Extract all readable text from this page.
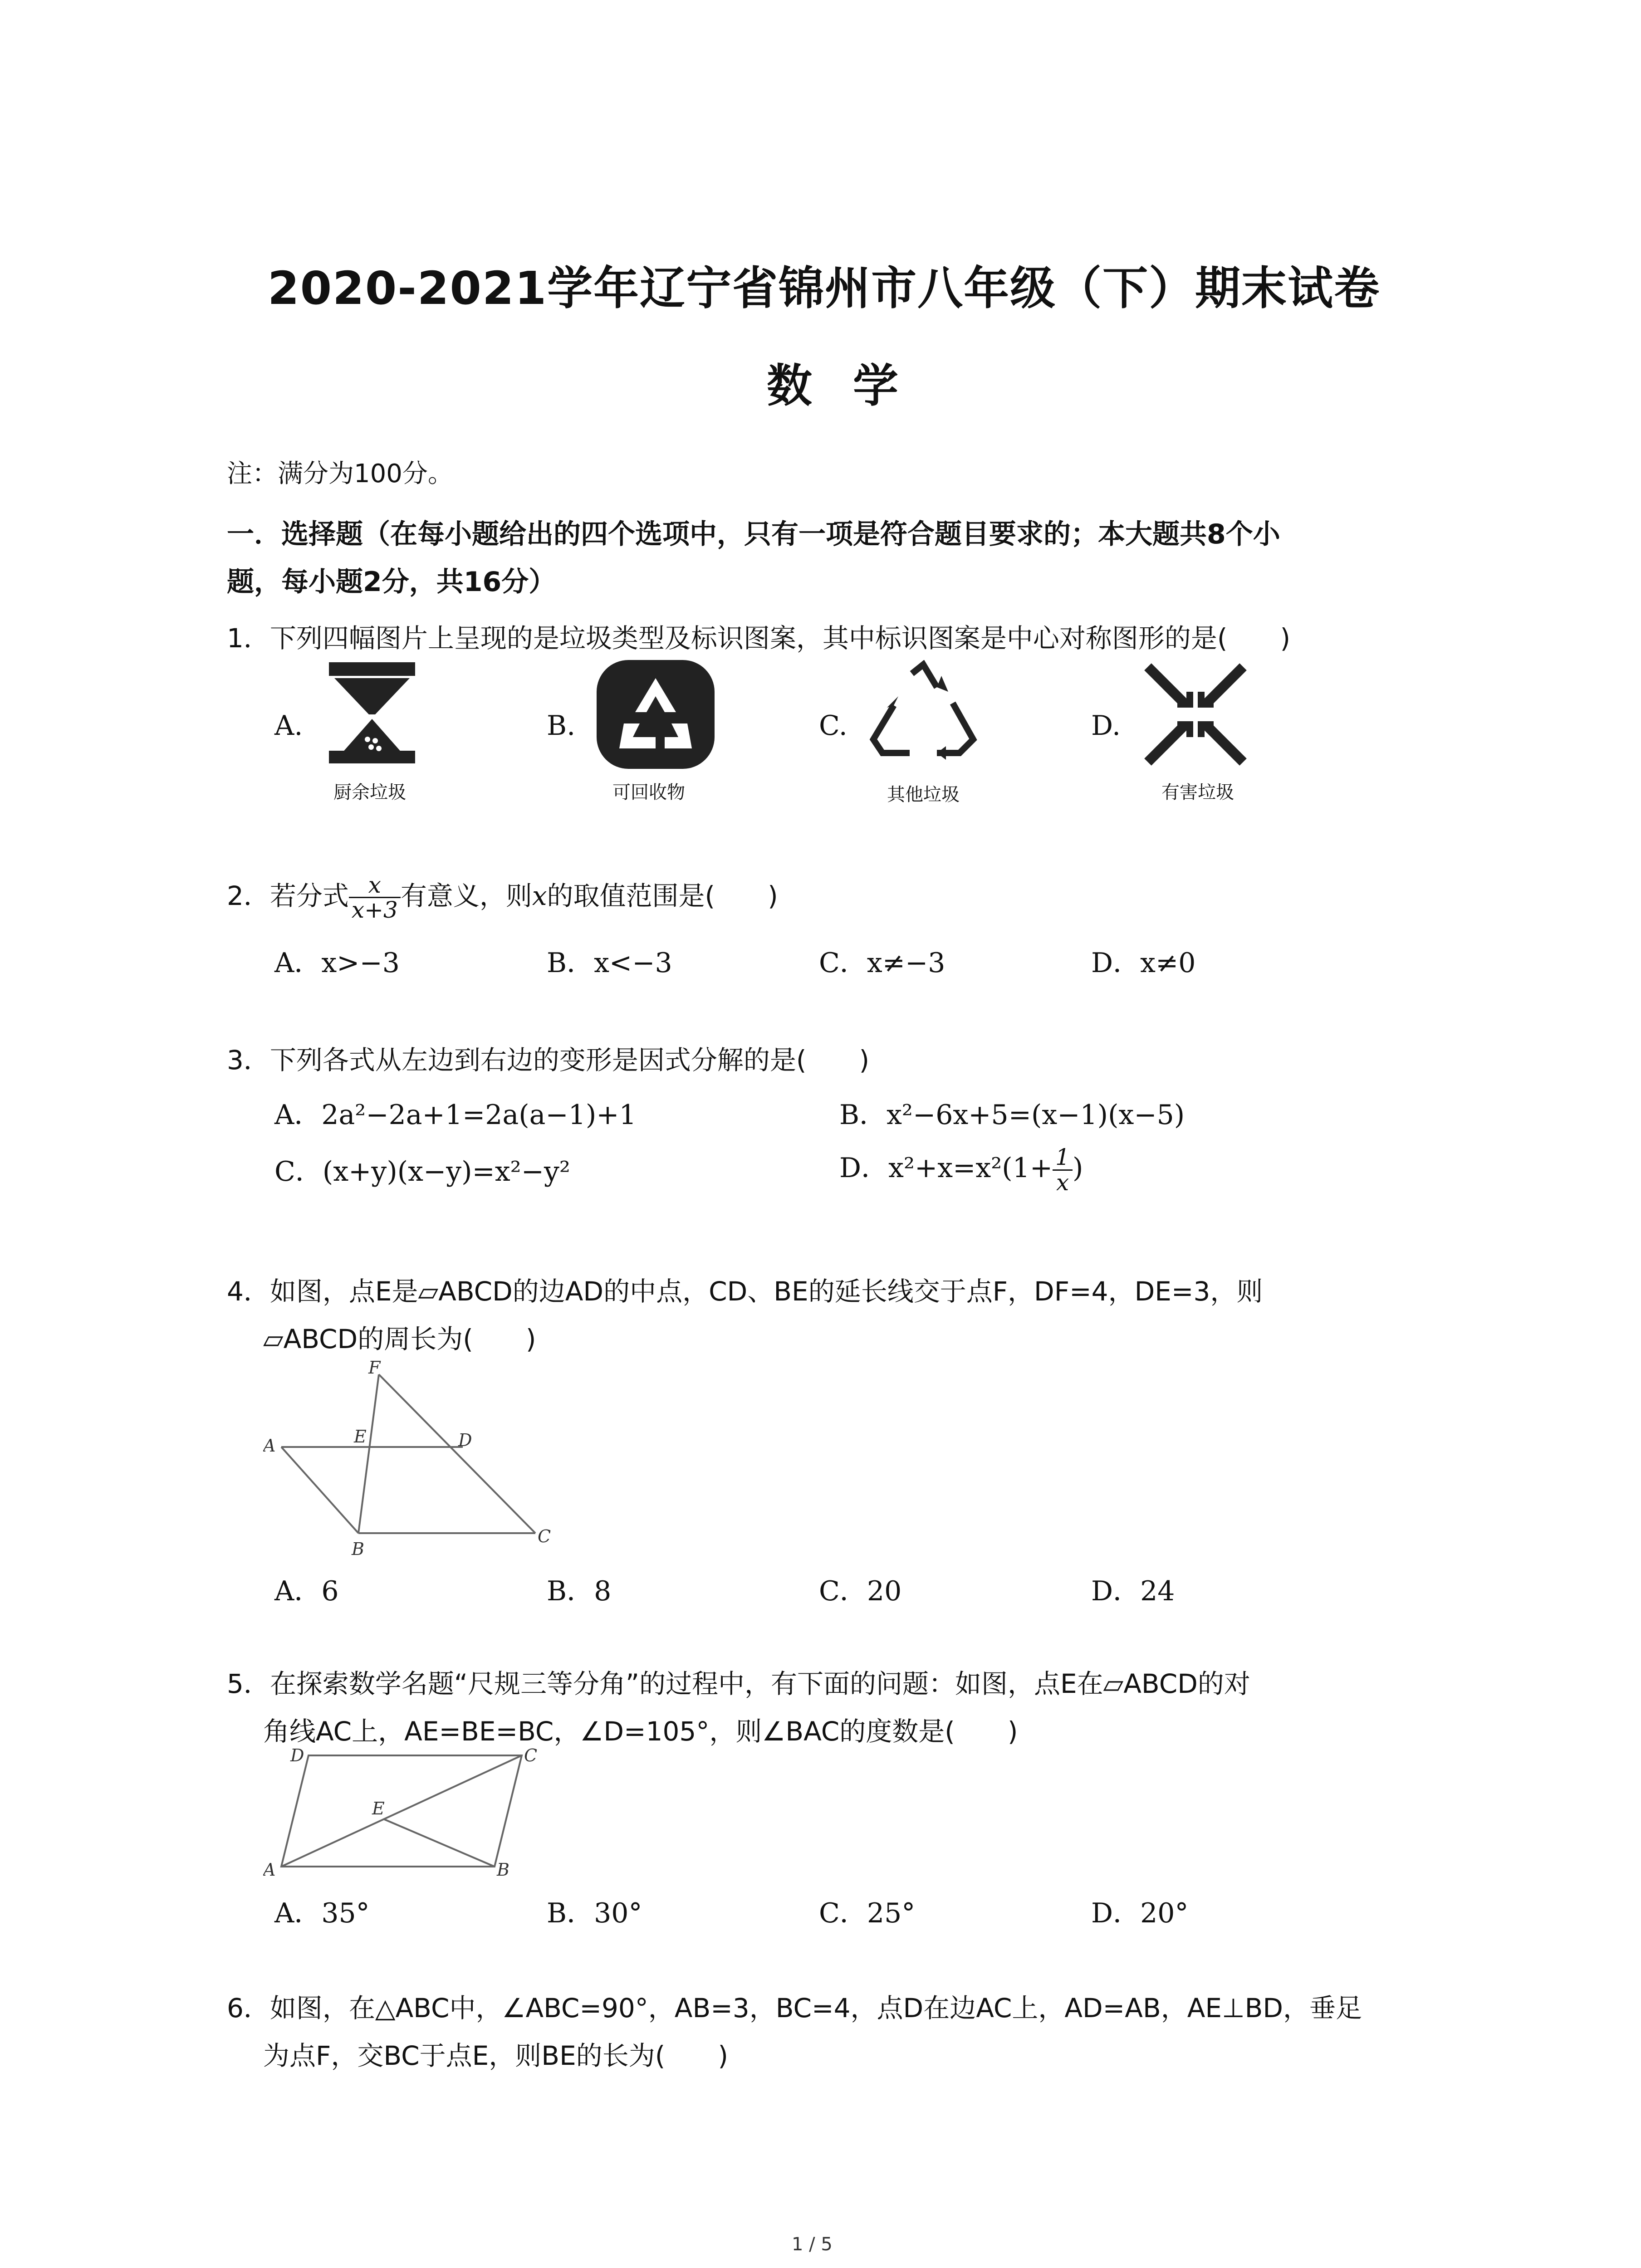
2020-2021学年辽宁省锦州市八年级（下）期末试卷
数学
注：满分为100分。
一．选择题（在每小题给出的四个选项中，只有一项是符合题目要求的；本大题共8个小
题，每小题2分，共16分）
1．下列四幅图片上呈现的是垃圾类型及标识图案，其中标识图案是中心对称图形的是(　　)
A.
厨余垃圾
B.
可回收物
C.
其他垃圾
D.
有害垃圾
2．若分式 $\frac{x}{x+3}$ 有意义，则x的取值范围是(　　)
A．x>−3	B．x<−3	C．x≠−3	D．x≠0
3．下列各式从左边到右边的变形是因式分解的是(　　)
A．2a²−2a+1=2a(a−1)+1	B．x²−6x+5=(x−1)(x−5)
C．(x+y)(x−y)=x²−y²	D．$x^2+x=x^2(1+ \frac{1}{x}$ )
4．如图，点E是▱ABCD的边AD的中点，CD、BE的延长线交于点F，DF=4，DE=3，则
▱ABCD的周长为(　　)
F
A	E	D
B
C
A．6	B．8	C．20	D．24
5．在探索数学名题“尺规三等分角”的过程中，有下面的问题：如图，点E在▱ABCD的对
角线AC上，AE=BE=BC，∠D=105°，则∠BAC的度数是(　　)
D	C
E
A	B
A．35°	B．30°	C．25°	D．20°
6．如图，在△ABC中，∠ABC=90°，AB=3，BC=4，点D在边AC上，AD=AB，AE⊥BD，垂足
为点F，交BC于点E，则BE的长为(　　)
1 / 5
